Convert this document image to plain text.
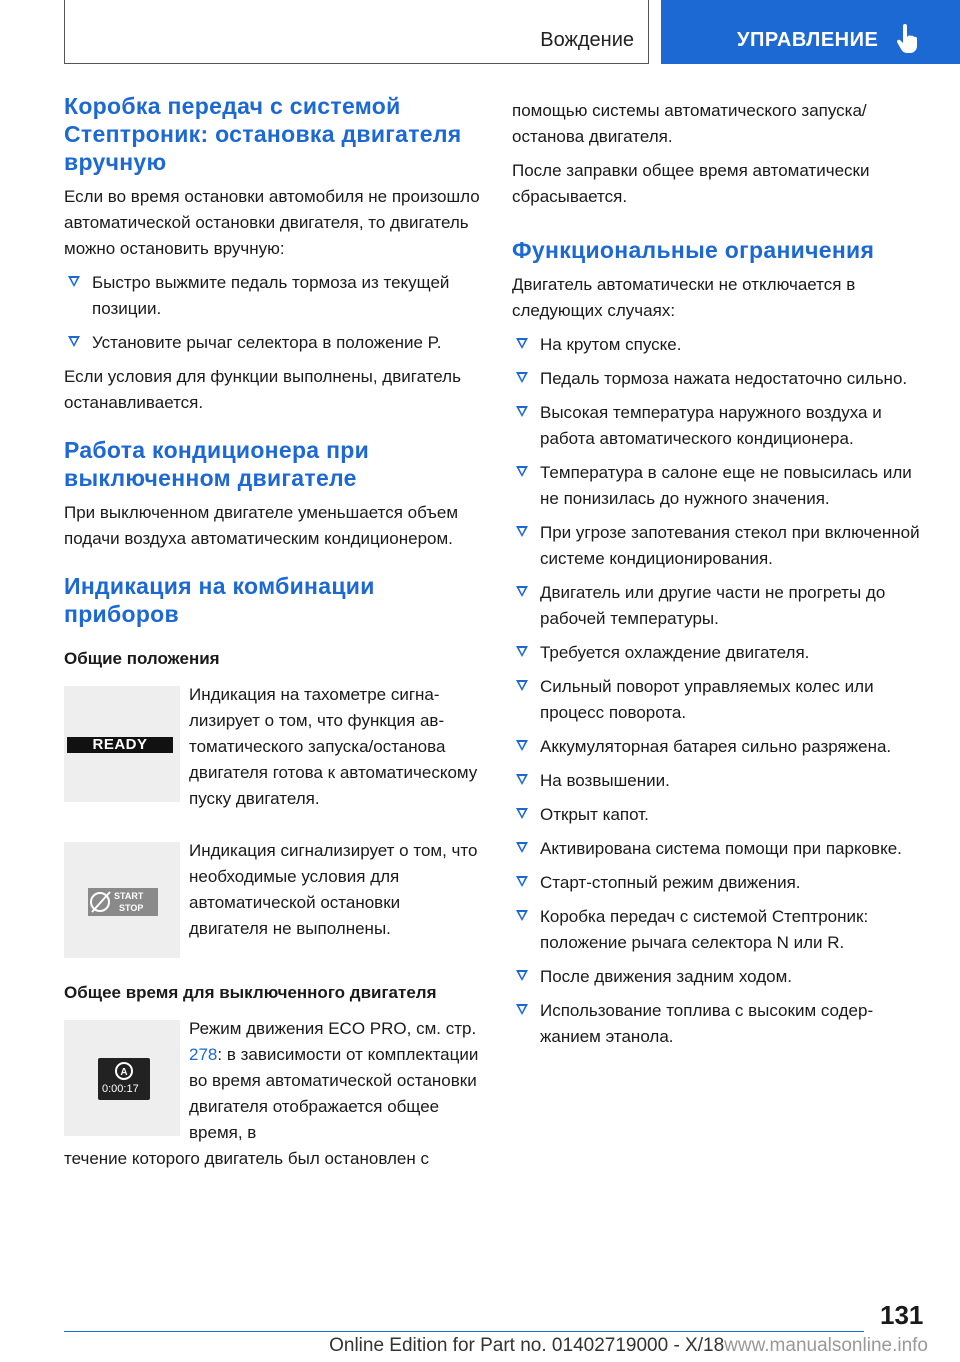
Вождение	УПРАВЛЕНИЕ
Коробка передач с системой Стептроник: остановка двигателя вручную

Если во время остановки автомобиля не произошло автоматической остановки двигателя, то двигатель можно остановить вручную:

Быстро выжмите педаль тормоза из текущей позиции.
Установите рычаг селектора в положение P.

Если условия для функции выполнены, двигатель останавливается.

Работа кондиционера при выключенном двигателе

При выключенном двигателе уменьшается объем подачи воздуха автоматическим кондиционером.

Индикация на комбинации приборов
Общие положения
READY

Индикация на тахометре сигнализирует о том, что функция автоматического запуска/останова двигателя готова к автоматическому пуску двигателя.

START
STOP

Индикация сигнализирует о том, что необходимые условия для автоматической остановки двигателя не выполнены.

Общее время для выключенного двигателя
A
0:00:17

Режим движения ECO PRO, см. стр. 278: в зависимости от комплектации во время автоматической остановки двигателя отображается общее время, в

течение которого двигатель был остановлен с

помощью системы автоматического запуска/останова двигателя.

После заправки общее время автоматически сбрасывается.

Функциональные ограничения

Двигатель автоматически не отключается в следующих случаях:

На крутом спуске.
Педаль тормоза нажата недостаточно сильно.
Высокая температура наружного воздуха и работа автоматического кондиционера.
Температура в салоне еще не повысилась или не понизилась до нужного значения.
При угрозе запотевания стекол при включенной системе кондиционирования.
Двигатель или другие части не прогреты до рабочей температуры.
Требуется охлаждение двигателя.
Сильный поворот управляемых колес или процесс поворота.
Аккумуляторная батарея сильно разряжена.
На возвышении.
Открыт капот.
Активирована система помощи при парковке.
Старт-стопный режим движения.
Коробка передач с системой Стептроник: положение рычага селектора N или R.
После движения задним ходом.
Использование топлива с высоким содержанием этанола.
131
Online Edition for Part no. 01402719000 - X/18www.manualsonline.info
